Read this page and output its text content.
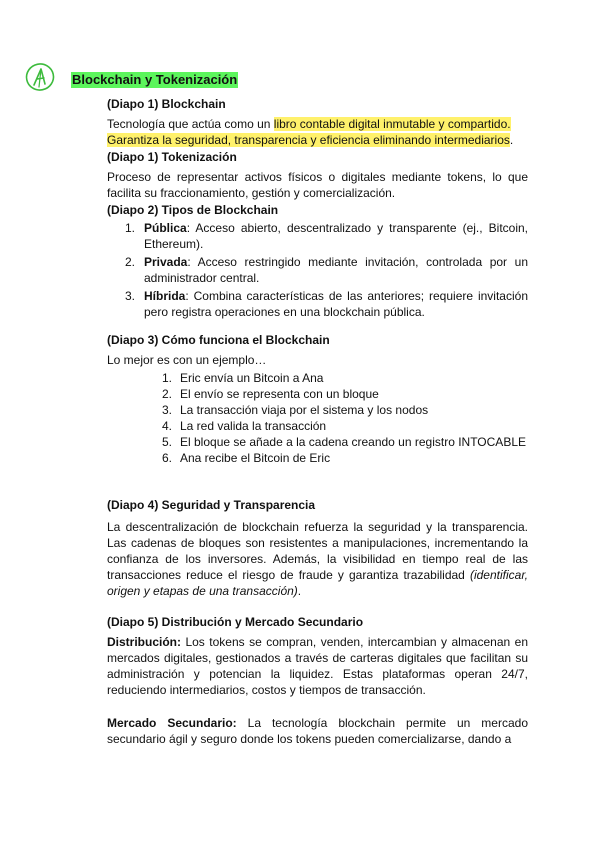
Blockchain y Tokenización
(Diapo 1) Blockchain
Tecnología que actúa como un libro contable digital inmutable y compartido.
Garantiza la seguridad, transparencia y eficiencia eliminando intermediarios.
(Diapo 1) Tokenización
Proceso de representar activos físicos o digitales mediante tokens, lo que facilita su fraccionamiento, gestión y comercialización.
(Diapo 2) Tipos de Blockchain
1. Pública: Acceso abierto, descentralizado y transparente (ej., Bitcoin, Ethereum).
2. Privada: Acceso restringido mediante invitación, controlada por un administrador central.
3. Híbrida: Combina características de las anteriores; requiere invitación pero registra operaciones en una blockchain pública.
(Diapo 3) Cómo funciona el Blockchain
Lo mejor es con un ejemplo…
1. Eric envía un Bitcoin a Ana
2. El envío se representa con un bloque
3. La transacción viaja por el sistema y los nodos
4. La red valida la transacción
5. El bloque se añade a la cadena creando un registro INTOCABLE
6. Ana recibe el Bitcoin de Eric
(Diapo 4) Seguridad y Transparencia
La descentralización de blockchain refuerza la seguridad y la transparencia. Las cadenas de bloques son resistentes a manipulaciones, incrementando la confianza de los inversores. Además, la visibilidad en tiempo real de las transacciones reduce el riesgo de fraude y garantiza trazabilidad (identificar, origen y etapas de una transacción).
(Diapo 5) Distribución y Mercado Secundario
Distribución: Los tokens se compran, venden, intercambian y almacenan en mercados digitales, gestionados a través de carteras digitales que facilitan su administración y potencian la liquidez. Estas plataformas operan 24/7, reduciendo intermediarios, costos y tiempos de transacción.
Mercado Secundario: La tecnología blockchain permite un mercado secundario ágil y seguro donde los tokens pueden comercializarse, dando a
